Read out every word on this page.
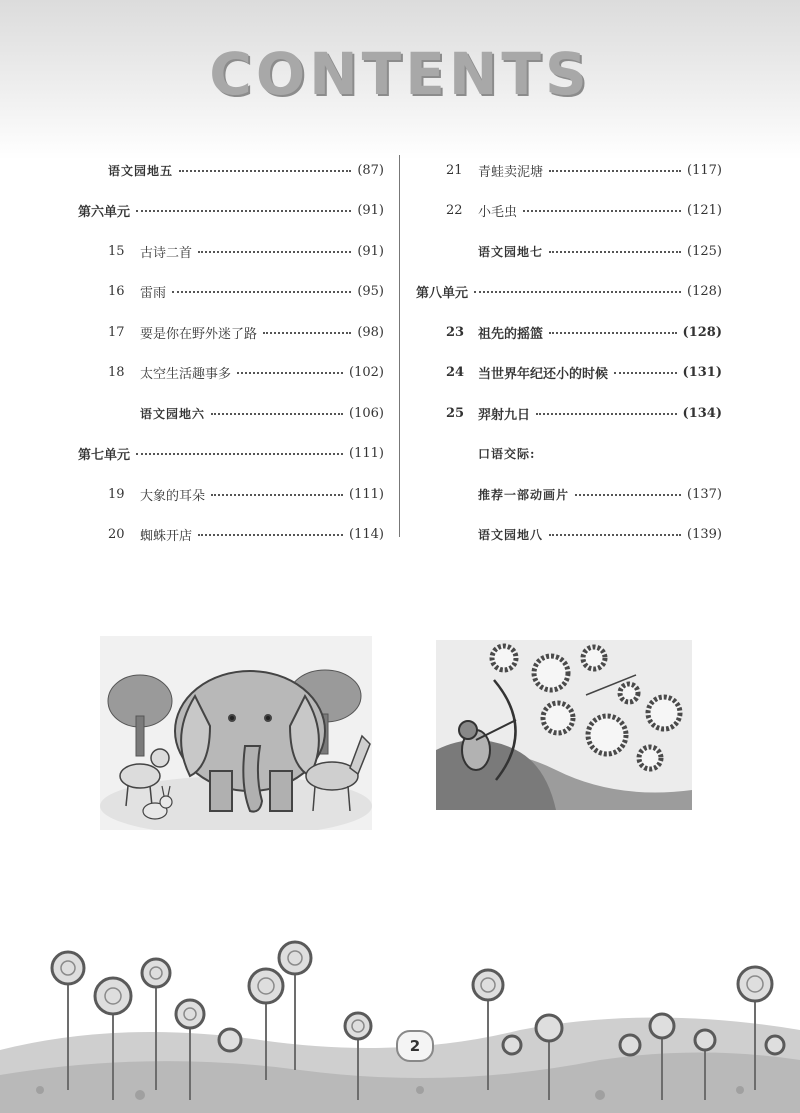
CONTENTS
语文园地五	(87)
第六单元	(91)
15	古诗二首	(91)
16	雷雨	(95)
17	要是你在野外迷了路	(98)
18	太空生活趣事多	(102)
语文园地六	(106)
第七单元	(111)
19	大象的耳朵	(111)
20	蜘蛛开店	(114)
21	青蛙卖泥塘	(117)
22	小毛虫	(121)
语文园地七	(125)
第八单元	(128)
23	祖先的摇篮	(128)
24	当世界年纪还小的时候	(131)
25	羿射九日	(134)
口语交际:
推荐一部动画片	(137)
语文园地八	(139)
2
